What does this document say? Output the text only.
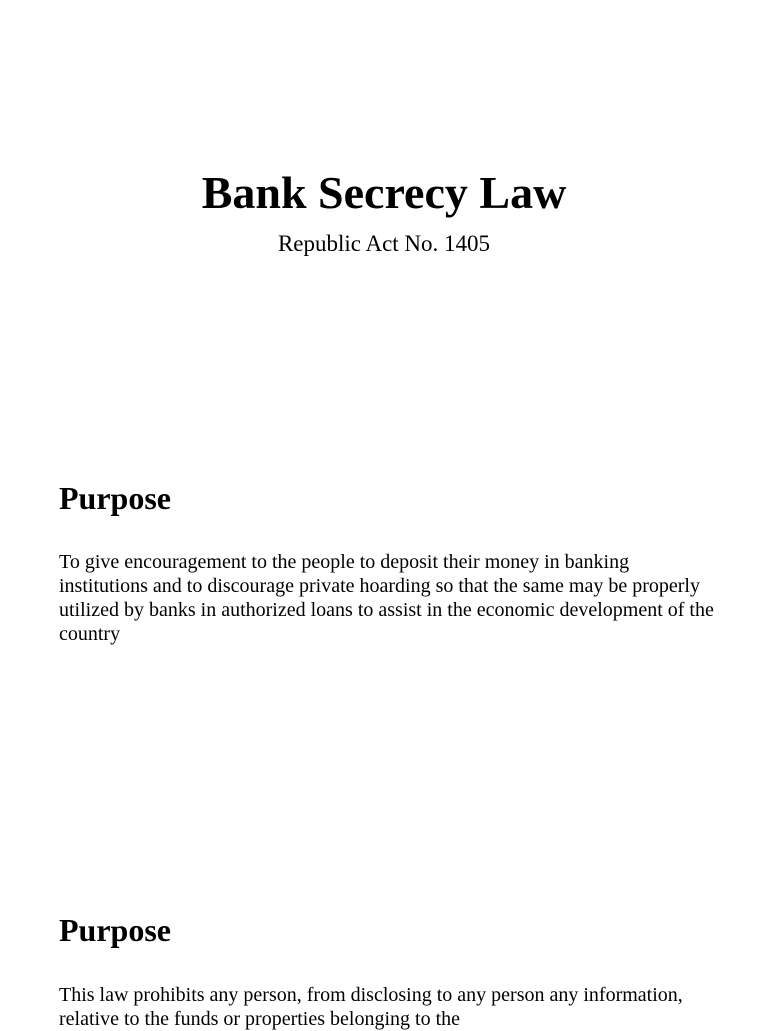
Bank Secrecy Law

Republic Act No. 1405

Purpose

To give encouragement to the people to deposit their money in banking institutions and to discourage private hoarding so that the same may be properly utilized by banks in authorized loans to assist in the economic development of the country

Purpose

This law prohibits any person, from disclosing to any person any information, relative to the funds or properties belonging to the
